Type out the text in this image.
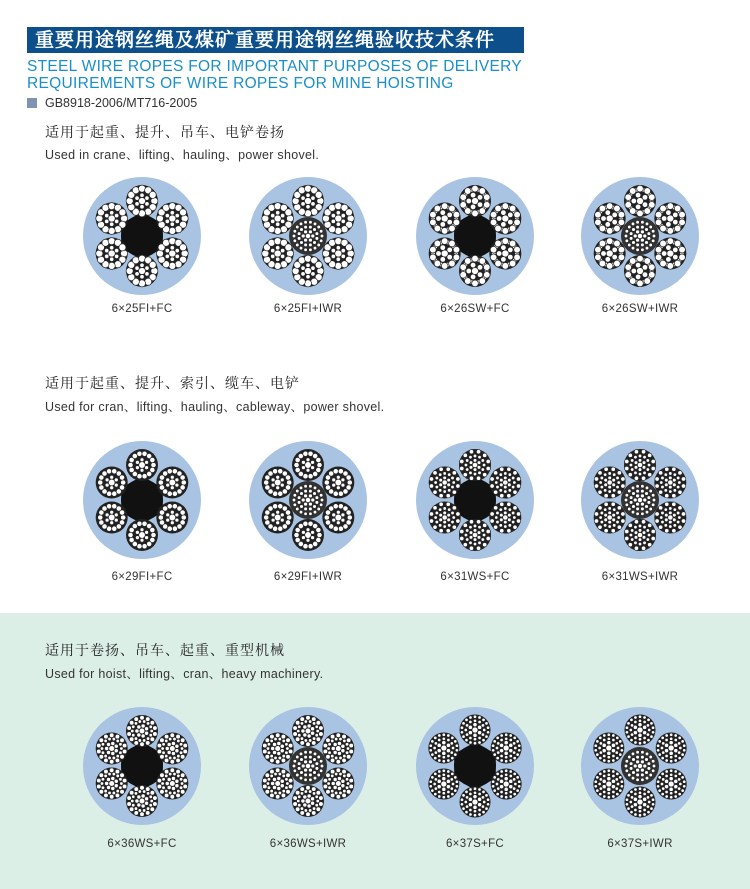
重要用途钢丝绳及煤矿重要用途钢丝绳验收技术条件
STEEL WIRE ROPES FOR IMPORTANT PURPOSES OF DELIVERY
REQUIREMENTS OF WIRE ROPES FOR MINE HOISTING
GB8918-2006/MT716-2005
适用于起重、提升、吊车、电铲卷扬
Used in crane、lifting、hauling、power shovel.
6×25FI+FC	6×25FI+IWR	6×26SW+FC	6×26SW+IWR
适用于起重、提升、索引、缆车、电铲
Used for cran、lifting、hauling、cableway、power shovel.
6×29FI+FC	6×29FI+IWR	6×31WS+FC	6×31WS+IWR
适用于卷扬、吊车、起重、重型机械
Used for hoist、lifting、cran、heavy machinery.
6×36WS+FC	6×36WS+IWR	6×37S+FC	6×37S+IWR
